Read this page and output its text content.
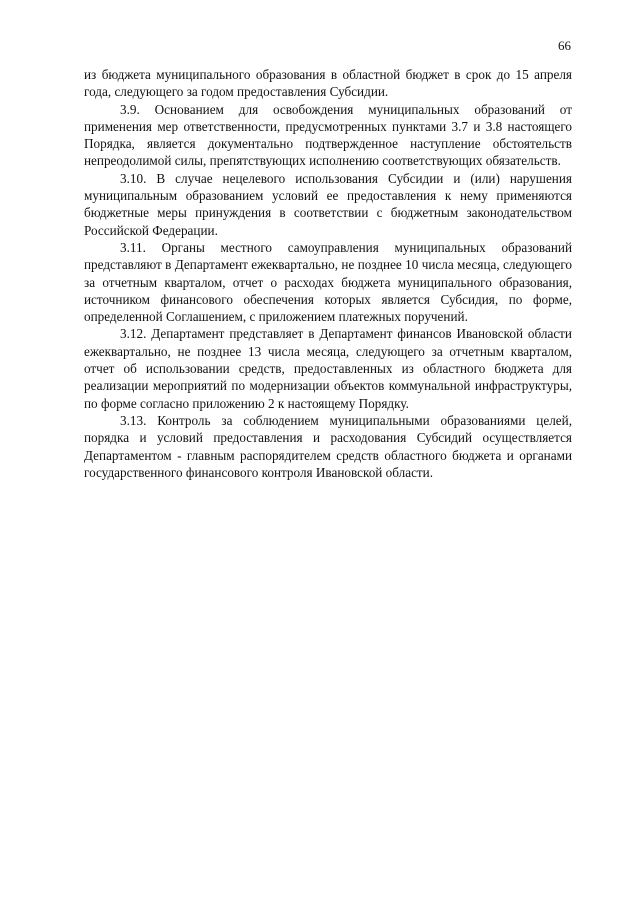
66

из бюджета муниципального образования в областной бюджет в срок до 15 апреля года, следующего за годом предоставления Субсидии.

3.9. Основанием для освобождения муниципальных образований от применения мер ответственности, предусмотренных пунктами 3.7 и 3.8 настоящего Порядка, является документально подтвержденное наступление обстоятельств непреодолимой силы, препятствующих исполнению соответствующих обязательств.

3.10. В случае нецелевого использования Субсидии и (или) нарушения муниципальным образованием условий ее предоставления к нему применяются бюджетные меры принуждения в соответствии с бюджетным законодательством Российской Федерации.

3.11. Органы местного самоуправления муниципальных образований представляют в Департамент ежеквартально, не позднее 10 числа месяца, следующего за отчетным кварталом, отчет о расходах бюджета муниципального образования, источником финансового обеспечения которых является Субсидия, по форме, определенной Соглашением, с приложением платежных поручений.

3.12. Департамент представляет в Департамент финансов Ивановской области ежеквартально, не позднее 13 числа месяца, следующего за отчетным кварталом, отчет об использовании средств, предоставленных из областного бюджета для реализации мероприятий по модернизации объектов коммунальной инфраструктуры, по форме согласно приложению 2 к настоящему Порядку.

3.13. Контроль за соблюдением муниципальными образованиями целей, порядка и условий предоставления и расходования Субсидий осуществляется Департаментом - главным распорядителем средств областного бюджета и органами государственного финансового контроля Ивановской области.
